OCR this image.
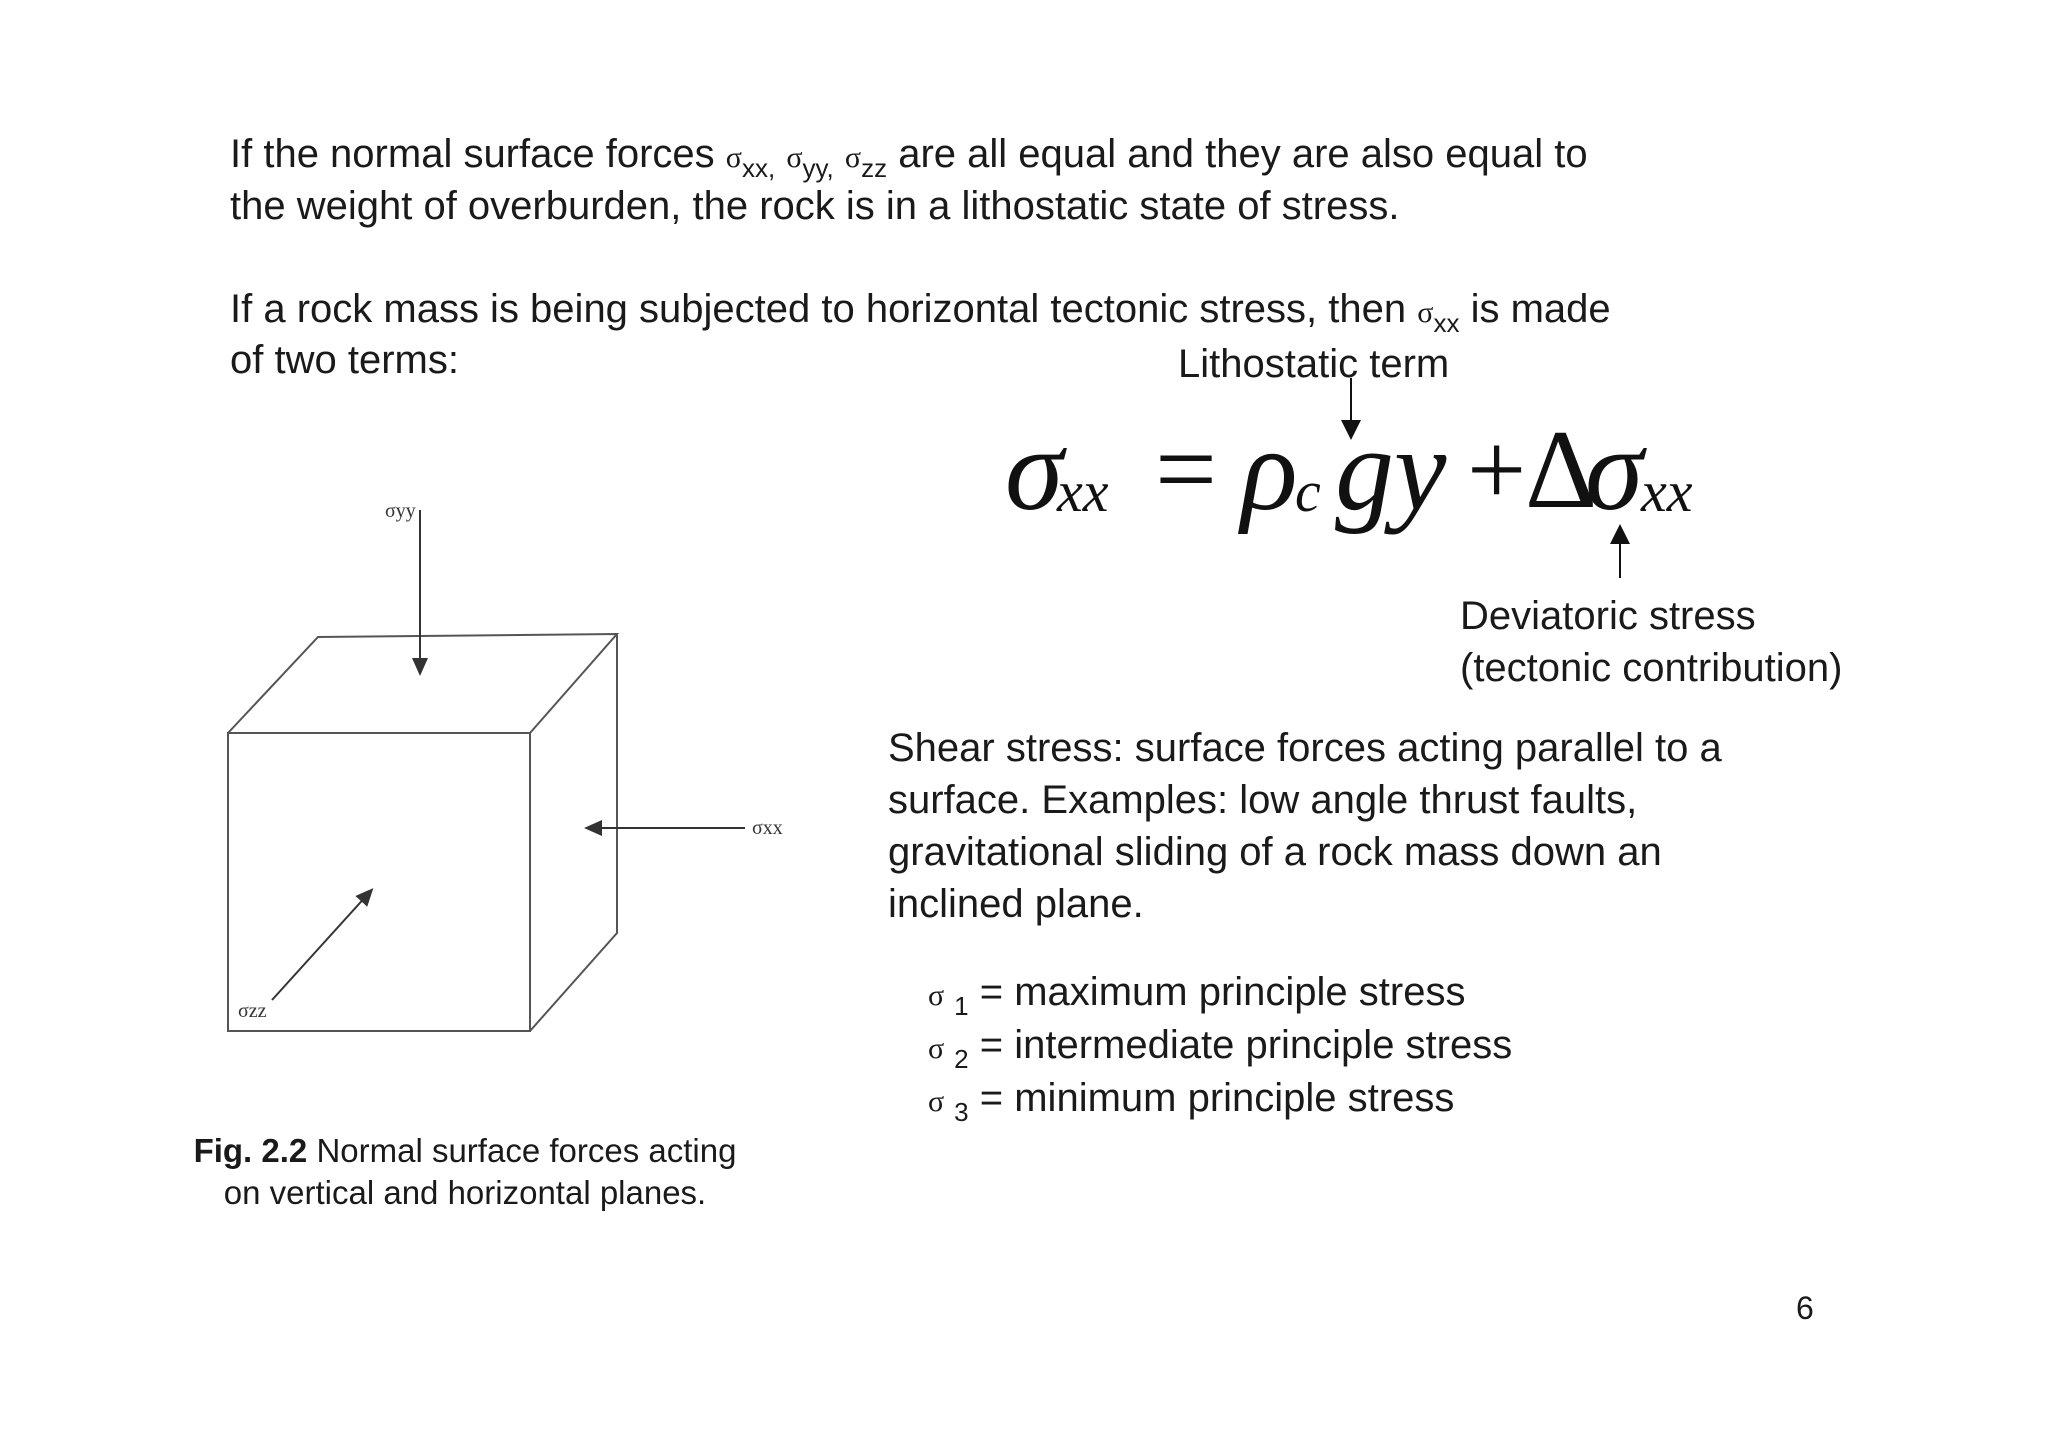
If the normal surface forces $\sigma_{xx,}$ $\sigma_{yy,}$ $\sigma_{zz}$ are all equal and they are also equal to
the weight of overburden, the rock is in a lithostatic state of stress.
If a rock mass is being subjected to horizontal tectonic stress, then $\sigma_{xx}$ is made
of two terms:	Lithostatic term
σ
xx = ρ
c gy +
Δ
σ
xx
Deviatoric stress
(tectonic contribution)
σyy
σxx
σzz
Fig. 2.2 Normal surface forces acting
on vertical and horizontal planes.
Shear stress: surface forces acting parallel to a
surface. Examples: low angle thrust faults,
gravitational sliding of a rock mass down an
inclined plane.
σ $_1$ = maximum principle stress
σ $_2$ = intermediate principle stress
σ $_3$ = minimum principle stress
6
